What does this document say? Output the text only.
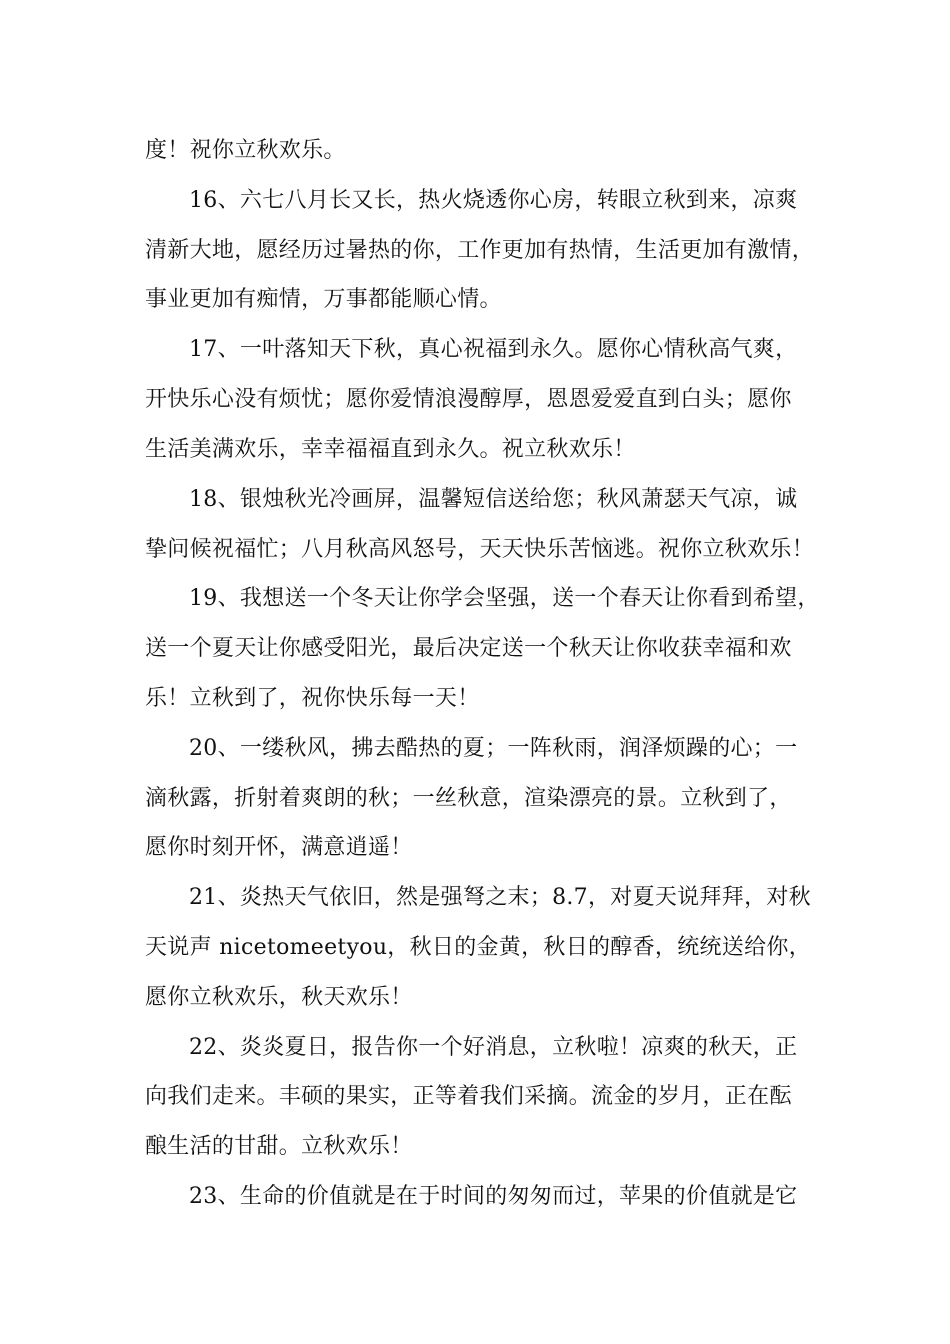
度！祝你立秋欢乐。
16、六七八月长又长，热火烧透你心房，转眼立秋到来，凉爽
清新大地，愿经历过暑热的你，工作更加有热情，生活更加有激情，
事业更加有痴情，万事都能顺心情。
17、一叶落知天下秋，真心祝福到永久。愿你心情秋高气爽，
开快乐心没有烦忧；愿你爱情浪漫醇厚，恩恩爱爱直到白头；愿你
生活美满欢乐，幸幸福福直到永久。祝立秋欢乐！
18、银烛秋光冷画屏，温馨短信送给您；秋风萧瑟天气凉，诚
挚问候祝福忙；八月秋高风怒号，天天快乐苦恼逃。祝你立秋欢乐！
19、我想送一个冬天让你学会坚强，送一个春天让你看到希望，
送一个夏天让你感受阳光，最后决定送一个秋天让你收获幸福和欢
乐！立秋到了，祝你快乐每一天！
20、一缕秋风，拂去酷热的夏；一阵秋雨，润泽烦躁的心；一
滴秋露，折射着爽朗的秋；一丝秋意，渲染漂亮的景。立秋到了，
愿你时刻开怀，满意逍遥！
21、炎热天气依旧，然是强弩之末；8.7，对夏天说拜拜，对秋
天说声 nicetomeetyou，秋日的金黄，秋日的醇香，统统送给你，
愿你立秋欢乐，秋天欢乐！
22、炎炎夏日，报告你一个好消息，立秋啦！凉爽的秋天，正
向我们走来。丰硕的果实，正等着我们采摘。流金的岁月，正在酝
酿生活的甘甜。立秋欢乐！
23、生命的价值就是在于时间的匆匆而过，苹果的价值就是它
